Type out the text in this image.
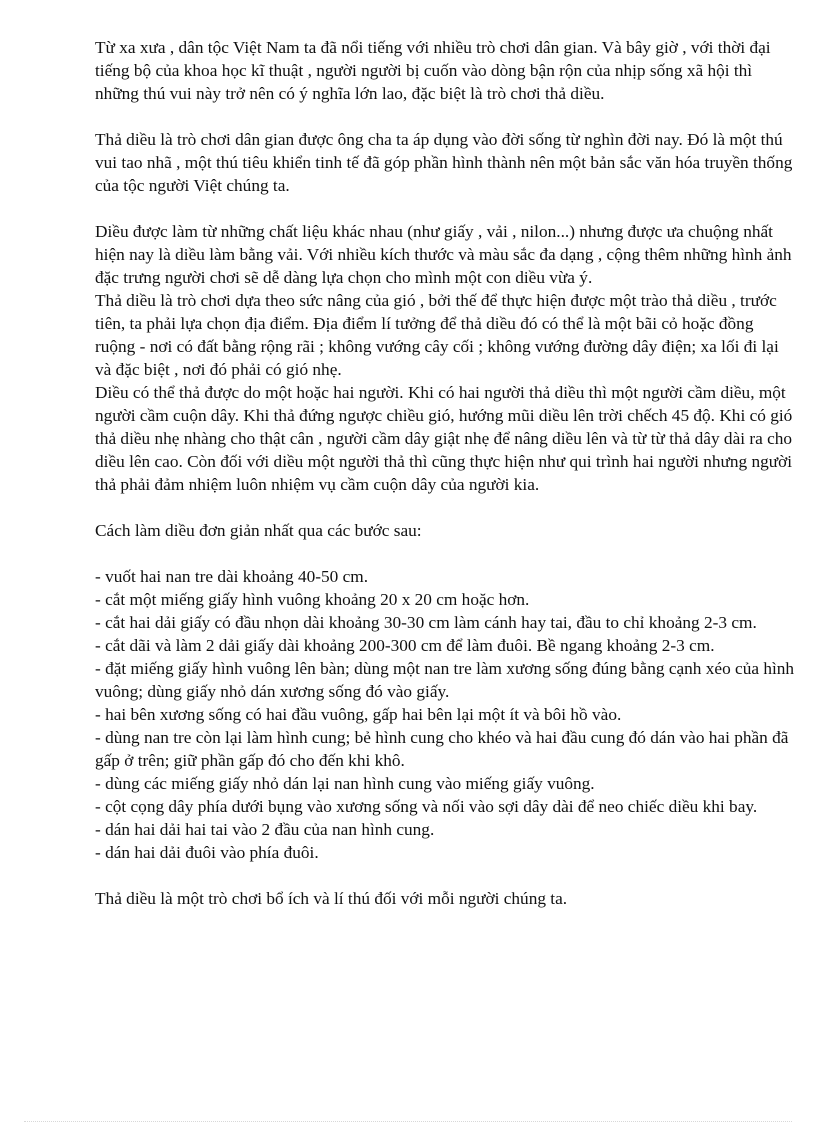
Từ xa xưa , dân tộc Việt Nam ta đã nổi tiếng với nhiều trò chơi dân gian. Và bây giờ , với thời đại tiếng bộ của khoa học kĩ thuật , người người bị cuốn vào dòng bận rộn của nhịp sống xã hội thì những thú vui này trở nên có ý nghĩa lớn lao, đặc biệt là trò chơi thả diều.

Thả diều là trò chơi dân gian được ông cha ta áp dụng vào đời sống từ nghìn đời nay. Đó là một thú vui tao nhã , một thú tiêu khiển tinh tế đã góp phần hình thành nên một bản sắc văn hóa truyền thống của tộc người Việt chúng ta.

Diều được làm từ những chất liệu khác nhau (như giấy , vải , nilon...) nhưng được ưa chuộng nhất hiện nay là diều làm bằng vải. Với nhiều kích thước và màu sắc đa dạng , cộng thêm những hình ảnh đặc trưng người chơi sẽ dễ dàng lựa chọn cho mình một con diều vừa ý.

Thả diều là trò chơi dựa theo sức nâng của gió , bởi thế để thực hiện được một trào thả diều , trước tiên, ta phải lựa chọn địa điểm. Địa điểm lí tưởng để thả diều đó có thể là một bãi cỏ hoặc đồng ruộng - nơi có đất bằng rộng rãi ; không vướng cây cối ; không vướng đường dây điện; xa lối đi lại và đặc biệt , nơi đó phải có gió nhẹ.

Diều có thể thả được do một hoặc hai người. Khi có hai người thả diều thì một người cầm diều, một người cầm cuộn dây. Khi thả đứng ngược chiều gió, hướng mũi diều lên trời chếch 45 độ. Khi có gió thả diều nhẹ nhàng cho thật cân , người cầm dây giật nhẹ để nâng diều lên và từ từ thả dây dài ra cho diều lên cao. Còn đối với diều một người thả thì cũng thực hiện như qui trình hai người nhưng người thả phải đảm nhiệm luôn nhiệm vụ cầm cuộn dây của người kia.

Cách làm diều đơn giản nhất qua các bước sau:

- vuốt hai nan tre dài khoảng 40-50 cm.
- cắt một miếng giấy hình vuông khoảng 20 x 20 cm hoặc hơn.
- cắt hai dải giấy có đầu nhọn dài khoảng 30-30 cm làm cánh hay tai, đầu to chỉ khoảng 2-3 cm.
- cắt dãi và làm 2 dải giấy dài khoảng 200-300 cm để làm đuôi. Bề ngang khoảng 2-3 cm.
- đặt miếng giấy hình vuông lên bàn; dùng một nan tre làm xương sống đúng bằng cạnh xéo của hình vuông; dùng giấy nhỏ dán xương sống đó vào giấy.
- hai bên xương sống có hai đầu vuông, gấp hai bên lại một ít và bôi hồ vào.
- dùng nan tre còn lại làm hình cung; bẻ hình cung cho khéo và hai đầu cung đó dán vào hai phần đã gấp ở trên; giữ phần gấp đó cho đến khi khô.
- dùng các miếng giấy nhỏ dán lại nan hình cung vào miếng giấy vuông.
- cột cọng dây phía dưới bụng vào xương sống và nối vào sợi dây dài để neo chiếc diều khi bay.
- dán hai dải hai tai vào 2 đầu của nan hình cung.
- dán hai dải đuôi vào phía đuôi.

Thả diều là một trò chơi bổ ích và lí thú đối với mỗi người chúng ta.
